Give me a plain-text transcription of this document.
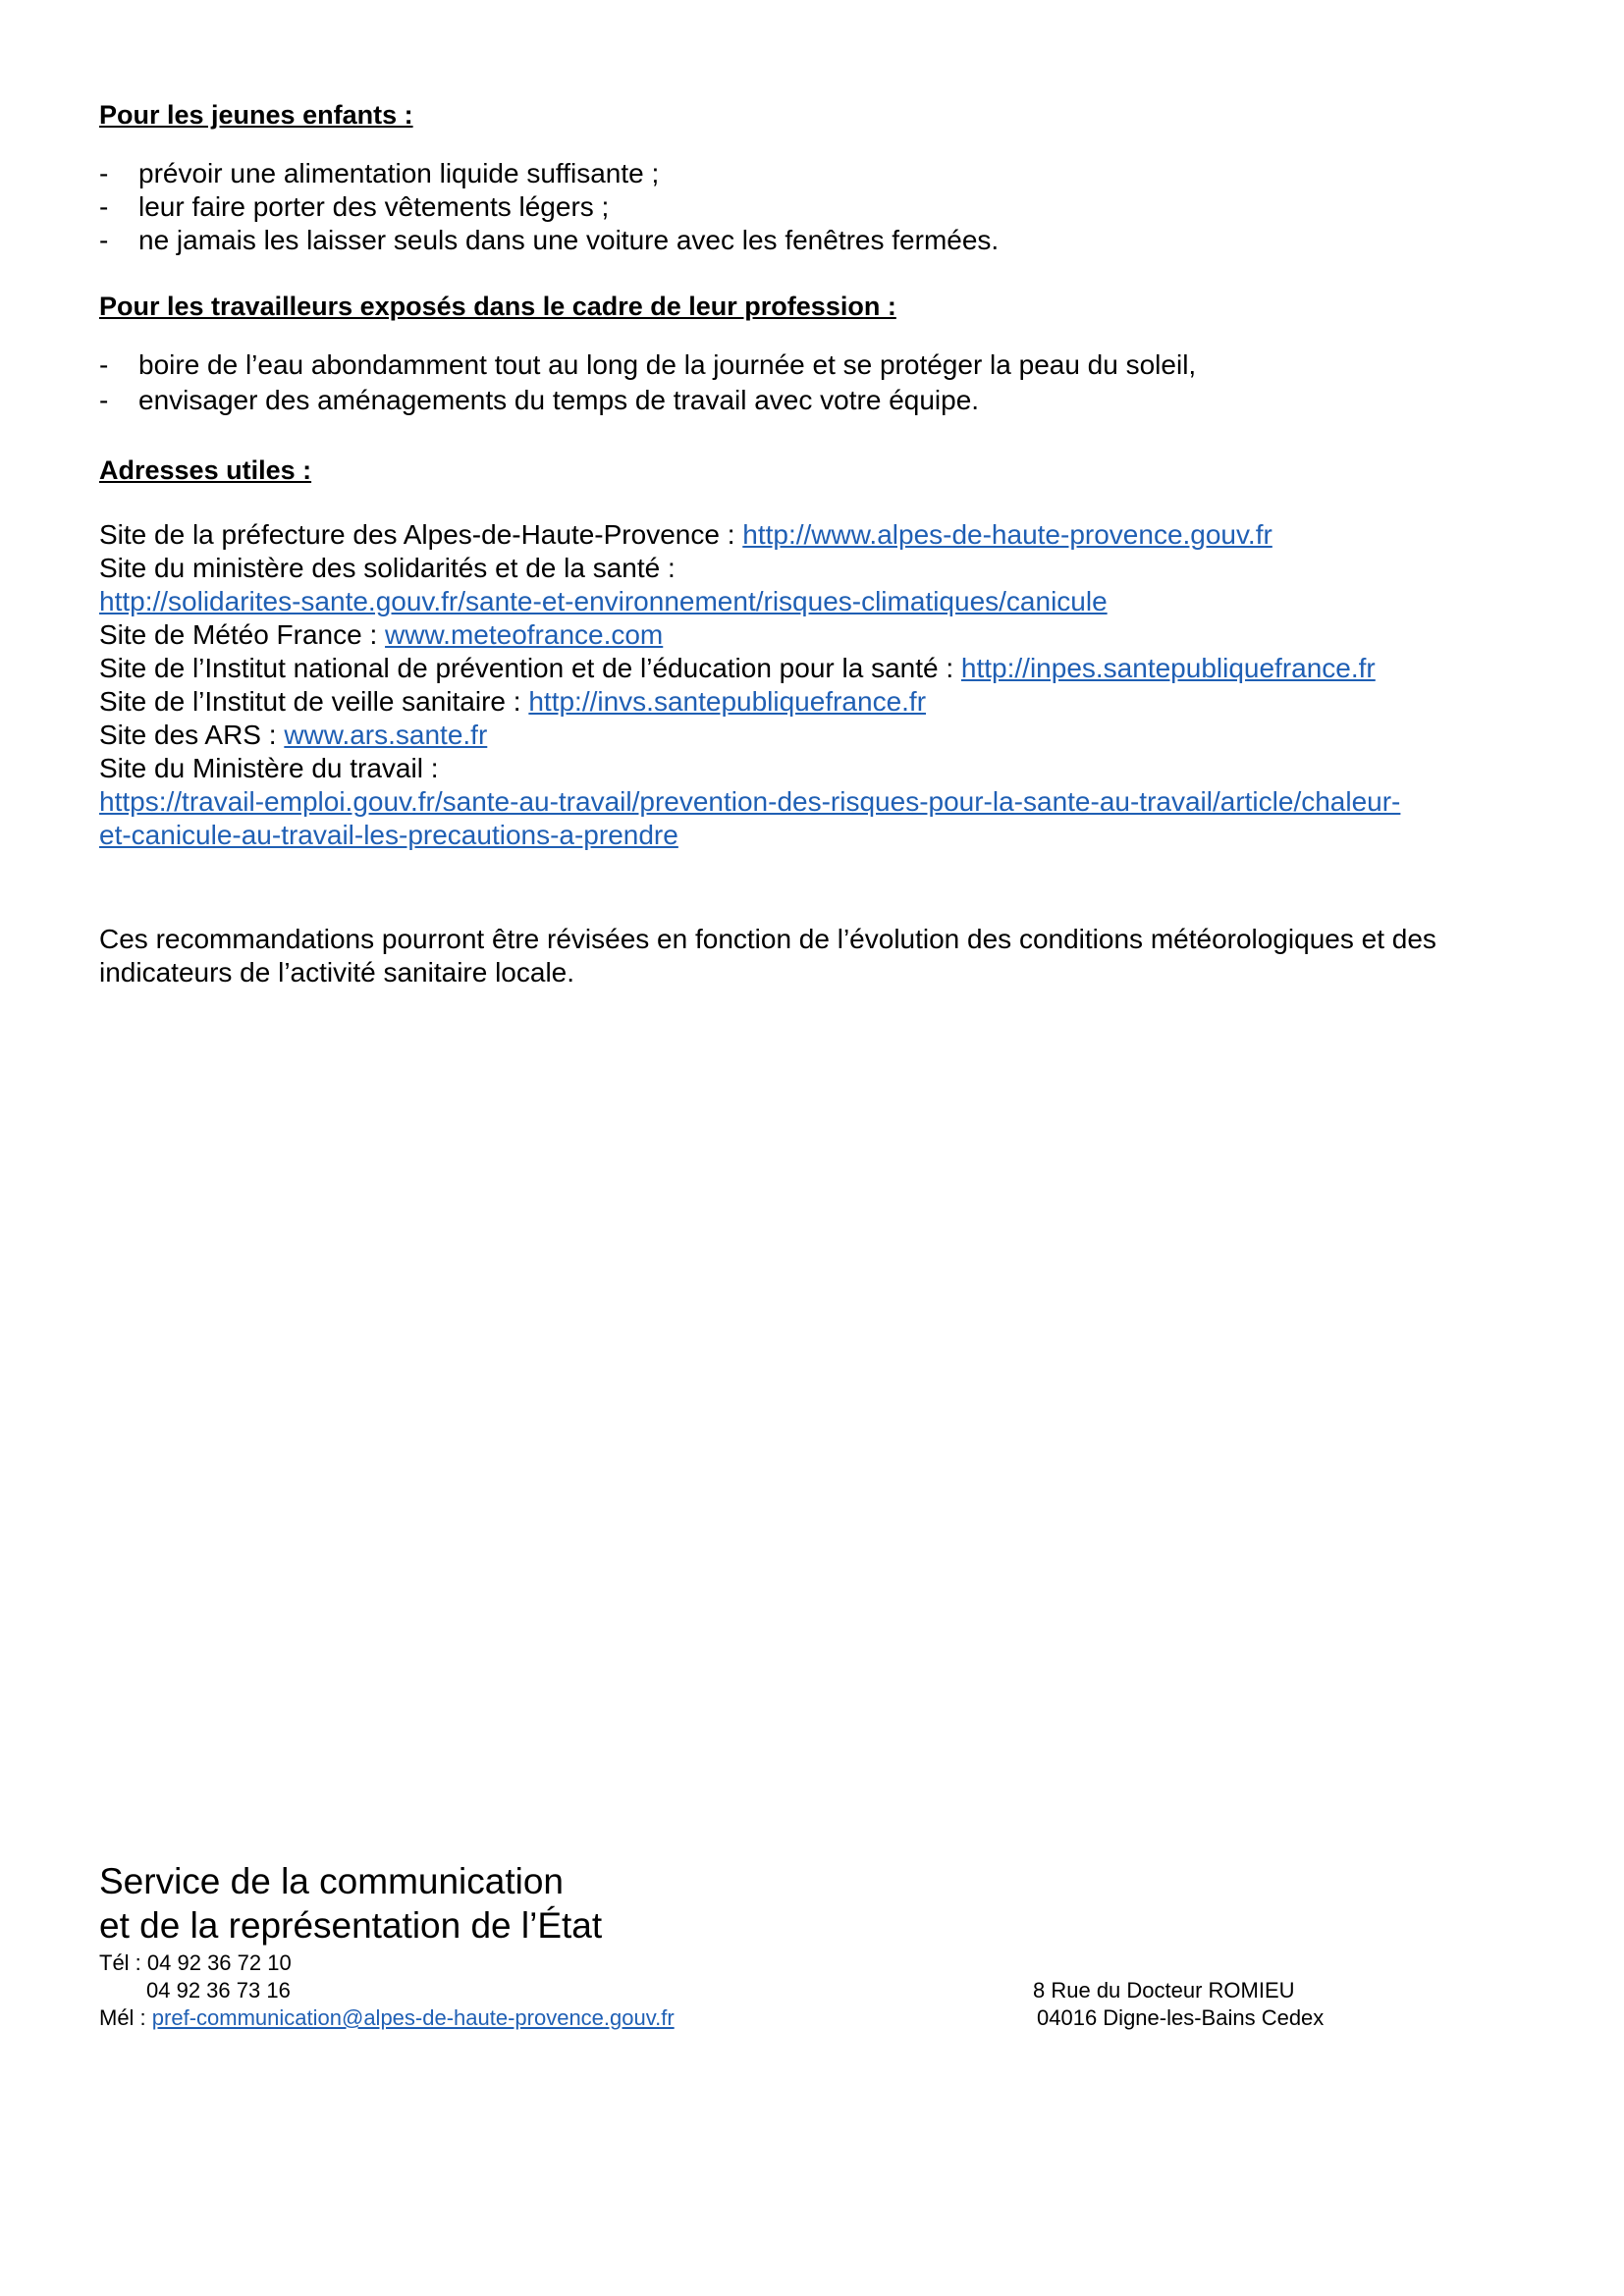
Pour les jeunes enfants :

- prévoir une alimentation liquide suffisante ;
- leur faire porter des vêtements légers ;
- ne jamais les laisser seuls dans une voiture avec les fenêtres fermées.

Pour les travailleurs exposés dans le cadre de leur profession :

- boire de l’eau abondamment tout au long de la journée et se protéger la peau du soleil,
- envisager des aménagements du temps de travail avec votre équipe.

Adresses utiles :

Site de la préfecture des Alpes-de-Haute-Provence : http://www.alpes-de-haute-provence.gouv.fr
Site du ministère des solidarités et de la santé :
http://solidarites-sante.gouv.fr/sante-et-environnement/risques-climatiques/canicule
Site de Météo France : www.meteofrance.com
Site de l’Institut national de prévention et de l’éducation pour la santé : http://inpes.santepubliquefrance.fr
Site de l’Institut de veille sanitaire : http://invs.santepubliquefrance.fr
Site des ARS : www.ars.sante.fr
Site du Ministère du travail :
https://travail-emploi.gouv.fr/sante-au-travail/prevention-des-risques-pour-la-sante-au-travail/article/chaleur-
et-canicule-au-travail-les-precautions-a-prendre

Ces recommandations pourront être révisées en fonction de l’évolution des conditions météorologiques et des indicateurs de l’activité sanitaire locale.

Service de la communication

et de la représentation de l’État

Tél : 04 92 36 72 10
04 92 36 73 16
Mél : pref-communication@alpes-de-haute-provence.gouv.fr
8 Rue du Docteur ROMIEU
04016 Digne-les-Bains Cedex
